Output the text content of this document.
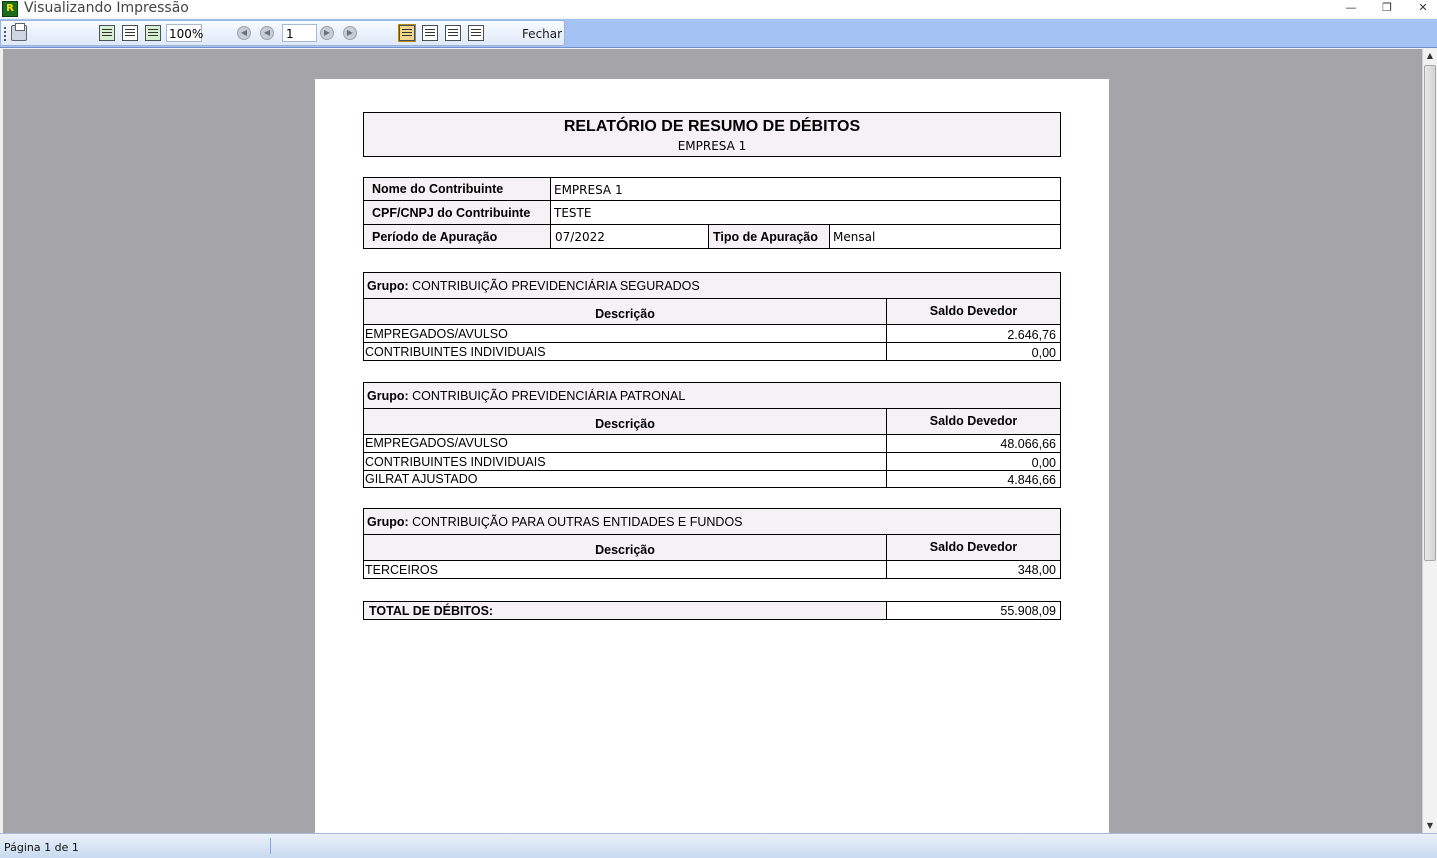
R Visualizando Impressão	—	❐	✕
100% ◀ ◀	1 ▶ ▶	Fechar
RELATÓRIO DE RESUMO DE DÉBITOS
EMPRESA 1
Nome do Contribuinte	EMPRESA 1
CPF/CNPJ do Contribuinte	TESTE
Período de Apuração	07/2022	Tipo de Apuração	Mensal
Grupo: CONTRIBUIÇÃO PREVIDENCIÁRIA SEGURADOS
Descrição	Saldo Devedor
EMPREGADOS/AVULSO	2.646,76
CONTRIBUINTES INDIVIDUAIS	0,00
Grupo: CONTRIBUIÇÃO PREVIDENCIÁRIA PATRONAL
Descrição	Saldo Devedor
EMPREGADOS/AVULSO	48.066,66
CONTRIBUINTES INDIVIDUAIS	0,00
GILRAT AJUSTADO	4.846,66
Grupo: CONTRIBUIÇÃO PARA OUTRAS ENTIDADES E FUNDOS
Descrição	Saldo Devedor
TERCEIROS	348,00
TOTAL DE DÉBITOS:	55.908,09
▲
▼
Página 1 de 1
